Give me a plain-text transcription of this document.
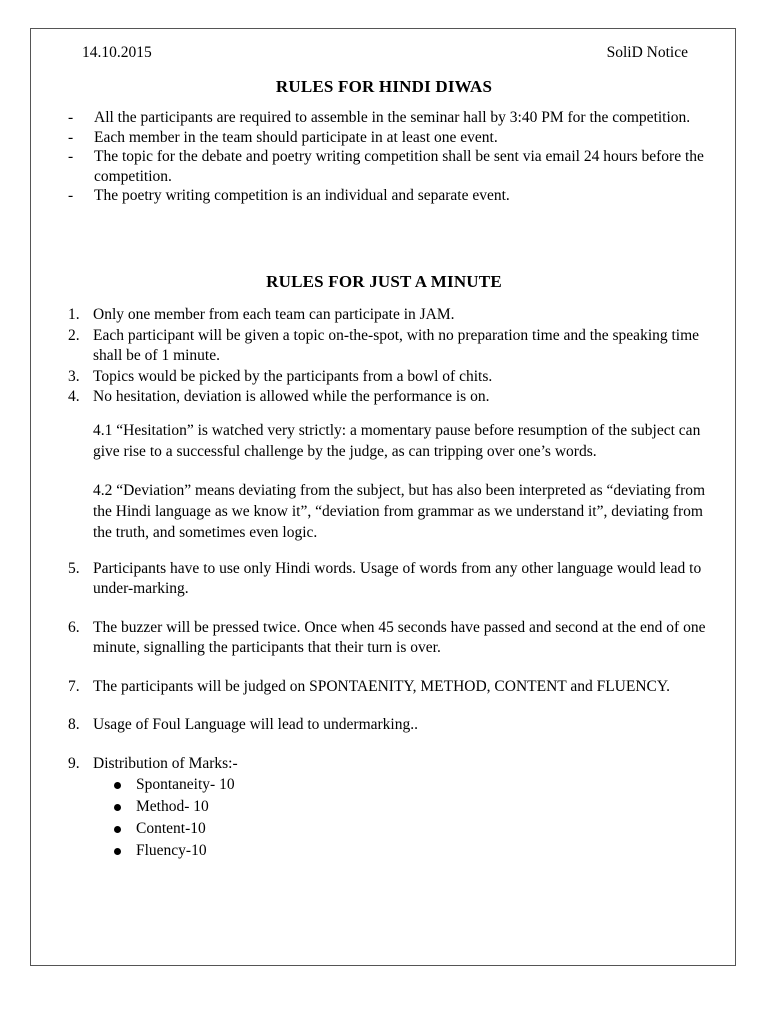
14.10.2015	SoliD Notice
RULES FOR HINDI DIWAS
- All the participants are required to assemble in the seminar hall by 3:40 PM for the competition.
- Each member in the team should participate in at least one event.
- The topic for the debate and poetry writing competition shall be sent via email 24 hours before the competition.
- The poetry writing competition is an individual and separate event.
RULES FOR JUST A MINUTE
1. Only one member from each team can participate in JAM.
2. Each participant will be given a topic on-the-spot, with no preparation time and the speaking time shall be of 1 minute.
3. Topics would be picked by the participants from a bowl of chits.
4. No hesitation, deviation is allowed while the performance is on.
4.1 “Hesitation” is watched very strictly: a momentary pause before resumption of the subject can give rise to a successful challenge by the judge, as can tripping over one’s words.
4.2 “Deviation” means deviating from the subject, but has also been interpreted as “deviating from the Hindi language as we know it”, “deviation from grammar as we understand it”, deviating from the truth, and sometimes even logic.
5. Participants have to use only Hindi words. Usage of words from any other language would lead to under-marking.
6. The buzzer will be pressed twice. Once when 45 seconds have passed and second at the end of one minute, signalling the participants that their turn is over.
7. The participants will be judged on SPONTAENITY, METHOD, CONTENT and FLUENCY.
8. Usage of Foul Language will lead to undermarking..
9. Distribution of Marks:-
Spontaneity- 10
Method- 10
Content-10
Fluency-10
